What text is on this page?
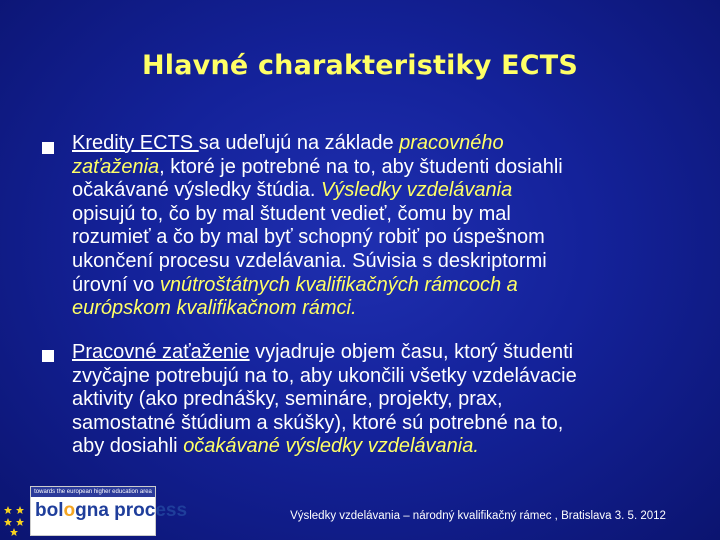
Hlavné charakteristiky ECTS
Kredity ECTS sa udeľujú na základe pracovného
zaťaženia, ktoré je potrebné na to, aby študenti dosiahli
očakávané výsledky štúdia. Výsledky vzdelávania
opisujú to, čo by mal študent vedieť, čomu by mal
rozumieť a čo by mal byť schopný robiť po úspešnom
ukončení procesu vzdelávania. Súvisia s deskriptormi
úrovní vo vnútroštátnych kvalifikačných rámcoch a
európskom kvalifikačnom rámci.
Pracovné zaťaženie vyjadruje objem času, ktorý študenti
zvyčajne potrebujú na to, aby ukončili všetky vzdelávacie
aktivity (ako prednášky, semináre, projekty, prax,
samostatné štúdium a skúšky), ktoré sú potrebné na to,
aby dosiahli očakávané výsledky vzdelávania.
towards the european higher education area
bologna process	Výsledky vzdelávania – národný kvalifikačný rámec , Bratislava 3. 5. 2012
